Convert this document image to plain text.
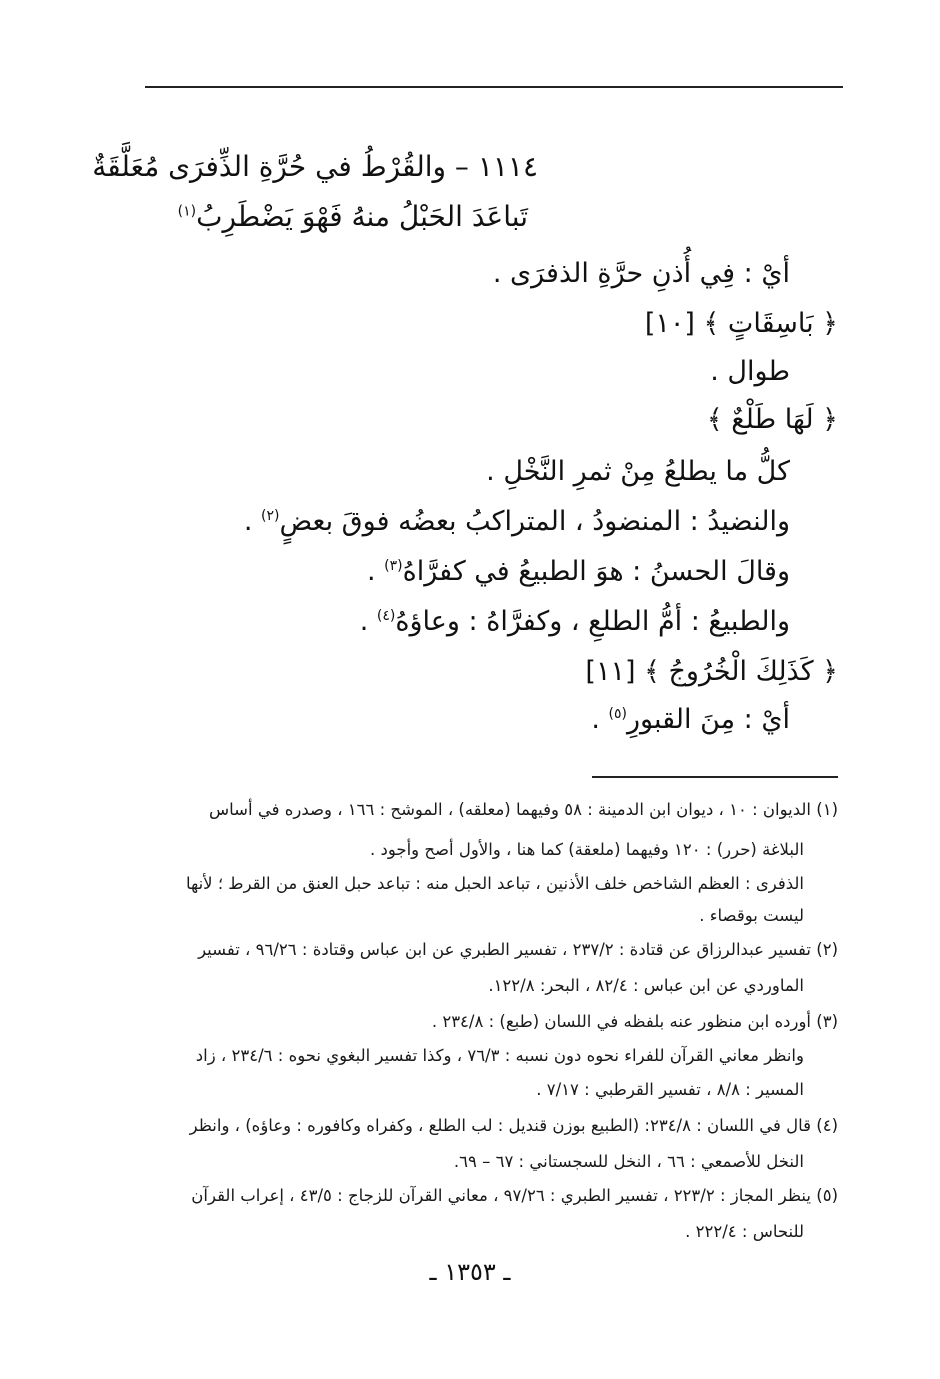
١١١٤ – والقُرْطُ في حُرَّةِ الذِّفرَى مُعَلَّقَةٌ
تَباعَدَ الحَبْلُ منهُ فَهْوَ يَضْطَرِبُ$^{(١)}$
أيْ : فِي أُذنِ حرَّةِ الذفرَى .
﴿ بَاسِقَاتٍ ﴾ [١٠]
طوال .
﴿ لَهَا طَلْعٌ ﴾
كلُّ ما يطلعُ مِنْ ثمرِ النَّخْلِ .
والنضيدُ : المنضودُ ، المتراكبُ بعضُه فوقَ بعضٍ$^{(٢)}$ .
وقالَ الحسنُ : هوَ الطبيعُ في كفرَّاهُ$^{(٣)}$ .
والطبيعُ : أمُّ الطلعِ ، وكفرَّاهُ : وعاؤهُ$^{(٤)}$ .
﴿ كَذَلِكَ الْخُرُوجُ ﴾ [١١]
أيْ : مِنَ القبورِ$^{(٥)}$ .
(١) الديوان : ١٠ ، ديوان ابن الدمينة : ٥٨ وفيهما (معلقه) ، الموشح : ١٦٦ ، وصدره في أساس
البلاغة (حرر) : ١٢٠ وفيهما (ملعقة) كما هنا ، والأول أصح وأجود .
الذفرى : العظم الشاخص خلف الأذنين ، تباعد الحبل منه : تباعد حبل العنق من القرط ؛ لأنها
ليست بوقصاء .
(٢) تفسير عبدالرزاق عن قتادة : ٢٣٧/٢ ، تفسير الطبري عن ابن عباس وقتادة : ٩٦/٢٦ ، تفسير
الماوردي عن ابن عباس : ٨٢/٤ ، البحر: ١٢٢/٨.
(٣) أورده ابن منظور عنه بلفظه في اللسان (طبع) : ٢٣٤/٨ .
وانظر معاني القرآن للفراء نحوه دون نسبه : ٧٦/٣ ، وكذا تفسير البغوي نحوه : ٢٣٤/٦ ، زاد
المسير : ٨/٨ ، تفسير القرطبي : ٧/١٧ .
(٤) قال في اللسان : ٢٣٤/٨: (الطبيع بوزن قنديل : لب الطلع ، وكفراه وكافوره : وعاؤه) ، وانظر
النخل للأصمعي : ٦٦ ، النخل للسجستاني : ٦٧ – ٦٩.
(٥) ينظر المجاز : ٢٢٣/٢ ، تفسير الطبري : ٩٧/٢٦ ، معاني القرآن للزجاج : ٤٣/٥ ، إعراب القرآن
للنحاس : ٢٢٢/٤ .
ـ ١٣٥٣ ـ
